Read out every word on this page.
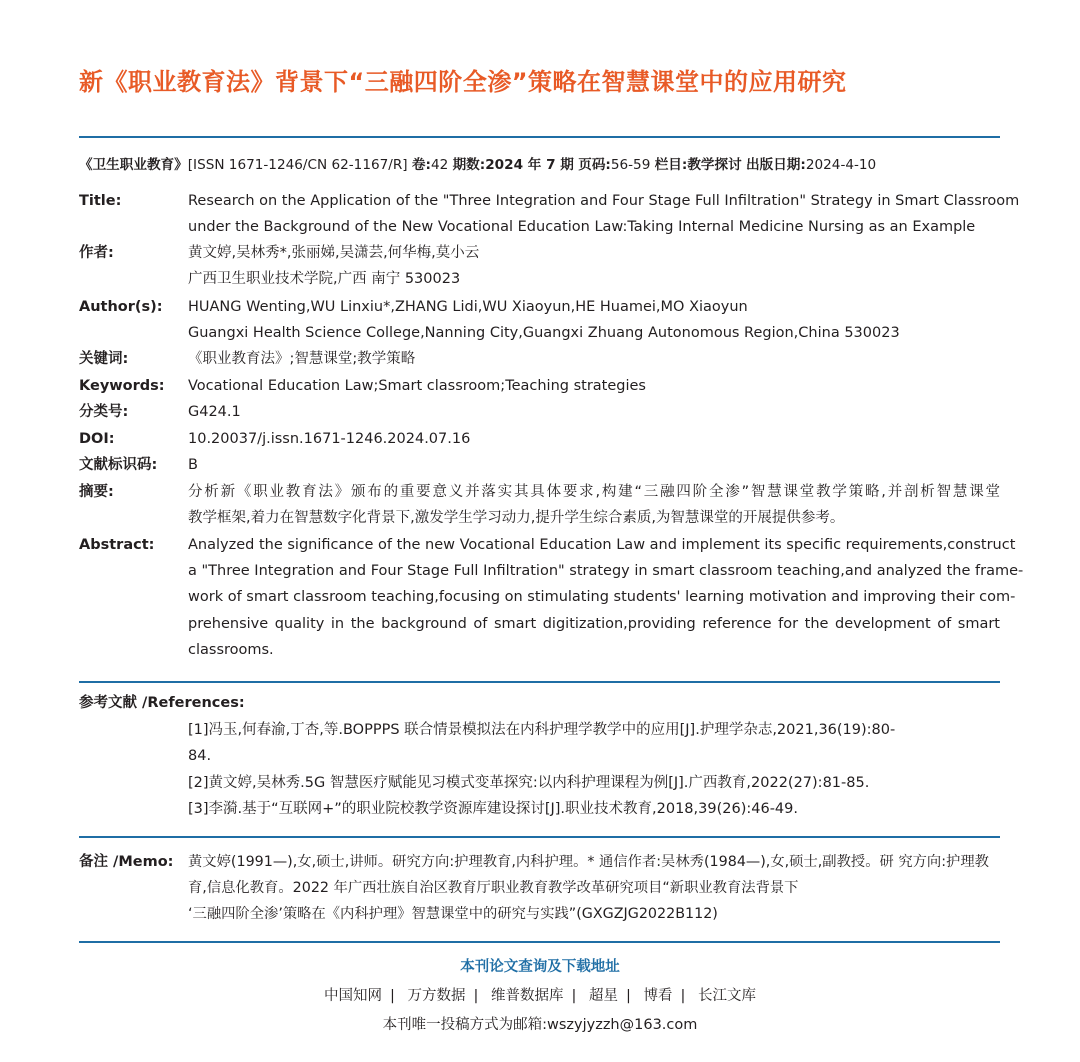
新《职业教育法》背景下“三融四阶全渗”策略在智慧课堂中的应用研究
《卫生职业教育》[ISSN 1671-1246/CN 62-1167/R] 卷:42 期数:2024 年 7 期 页码:56-59 栏目:教学探讨 出版日期:2024-4-10
Title:	Research on the Application of the "Three Integration and Four Stage Full Infiltration" Strategy in Smart Classroom
under the Background of the New Vocational Education Law:Taking Internal Medicine Nursing as an Example
作者:	黄文婷,吴林秀*,张丽娣,吴潇芸,何华梅,莫小云
广西卫生职业技术学院,广西 南宁 530023
Author(s): HUANG Wenting,WU Linxiu*,ZHANG Lidi,WU Xiaoyun,HE Huamei,MO Xiaoyun
Guangxi Health Science College,Nanning City,Guangxi Zhuang Autonomous Region,China 530023
关键词:	《职业教育法》;智慧课堂;教学策略
Keywords: Vocational Education Law;Smart classroom;Teaching strategies
分类号:	G424.1
DOI:	10.20037/j.issn.1671-1246.2024.07.16
文献标识码: B
摘要:	分析新《职业教育法》颁布的重要意义并落实其具体要求,构建“三融四阶全渗”智慧课堂教学策略,并剖析智慧课堂
教学框架,着力在智慧数字化背景下,激发学生学习动力,提升学生综合素质,为智慧课堂的开展提供参考。
Abstract: Analyzed the significance of the new Vocational Education Law and implement its specific requirements,construct
a "Three Integration and Four Stage Full Infiltration" strategy in smart classroom teaching,and analyzed the frame-
work of smart classroom teaching,focusing on stimulating students' learning motivation and improving their com-
prehensive quality in the background of smart digitization,providing reference for the development of smart
classrooms.
参考文献 /References:
[1]冯玉,何春渝,丁杏,等.BOPPPS 联合情景模拟法在内科护理学教学中的应用[J].护理学杂志,2021,36(19):80-
84.
[2]黄文婷,吴林秀.5G 智慧医疗赋能见习模式变革探究:以内科护理课程为例[J].广西教育,2022(27):81-85.
[3]李漪.基于“互联网+”的职业院校教学资源库建设探讨[J].职业技术教育,2018,39(26):46-49.
备注 /Memo: 黄文婷(1991—),女,硕士,讲师。研究方向:护理教育,内科护理。* 通信作者:吴林秀(1984—),女,硕士,副教授。研 究方向:护理教育,信息化教育。2022 年广西壮族自治区教育厅职业教育教学改革研究项目“新职业教育法背景下
‘三融四阶全渗’策略在《内科护理》智慧课堂中的研究与实践”(GXGZJG2022B112)
本刊论文查询及下载地址
中国知网 | 万方数据 | 维普数据库 | 超星 | 博看 | 长江文库
本刊唯一投稿方式为邮箱:wszyjyzzh@163.com
